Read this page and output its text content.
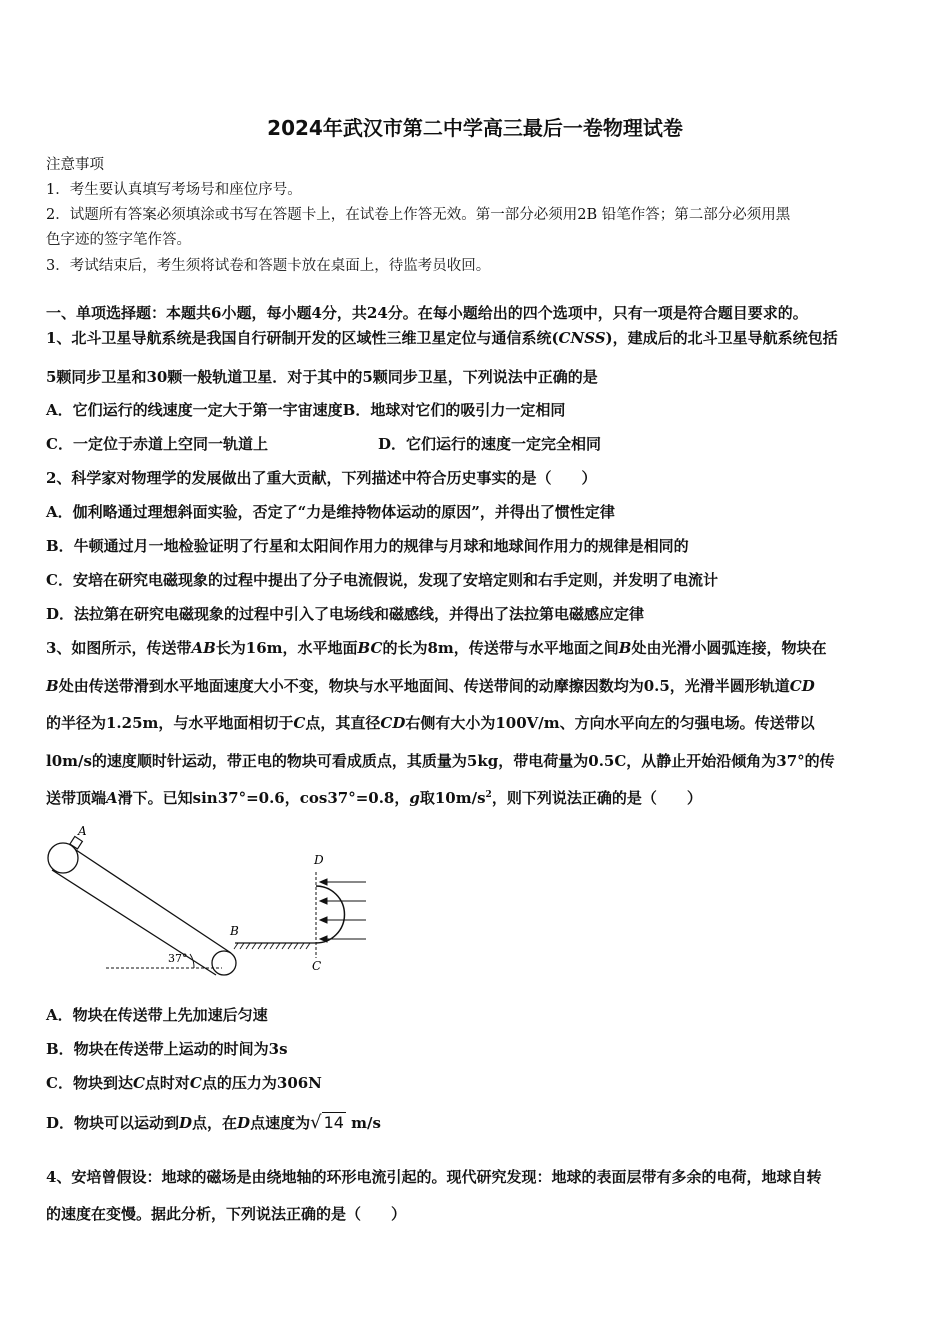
2024年武汉市第二中学高三最后一卷物理试卷
注意事项
1．考生要认真填写考场号和座位序号。
2．试题所有答案必须填涂或书写在答题卡上，在试卷上作答无效。第一部分必须用2B 铅笔作答；第二部分必须用黑
色字迹的签字笔作答。
3．考试结束后，考生须将试卷和答题卡放在桌面上，待监考员收回。
一、单项选择题：本题共6小题，每小题4分，共24分。在每小题给出的四个选项中，只有一项是符合题目要求的。
1、北斗卫星导航系统是我国自行研制开发的区域性三维卫星定位与通信系统(CNSS)，建成后的北斗卫星导航系统包括
5颗同步卫星和30颗一般轨道卫星．对于其中的5颗同步卫星，下列说法中正确的是
A．它们运行的线速度一定大于第一宇宙速度B．地球对它们的吸引力一定相同
C．一定位于赤道上空同一轨道上	D．它们运行的速度一定完全相同
2、科学家对物理学的发展做出了重大贡献，下列描述中符合历史事实的是（　　）
A．伽利略通过理想斜面实验，否定了“力是维持物体运动的原因”，并得出了惯性定律
B．牛顿通过月一地检验证明了行星和太阳间作用力的规律与月球和地球间作用力的规律是相同的
C．安培在研究电磁现象的过程中提出了分子电流假说，发现了安培定则和右手定则，并发明了电流计
D．法拉第在研究电磁现象的过程中引入了电场线和磁感线，并得出了法拉第电磁感应定律
3、如图所示，传送带AB长为16m，水平地面BC的长为8m，传送带与水平地面之间B处由光滑小圆弧连接，物块在
B处由传送带滑到水平地面速度大小不变，物块与水平地面间、传送带间的动摩擦因数均为0.5，光滑半圆形轨道CD
的半径为1.25m，与水平地面相切于C点，其直径CD右侧有大小为100V/m、方向水平向左的匀强电场。传送带以
l0m/s的速度顺时针运动，带正电的物块可看成质点，其质量为5kg，带电荷量为0.5C，从静止开始沿倾角为37°的传
送带顶端A滑下。已知sin37°=0.6，cos37°=0.8，g取$10m/s^2$，则下列说法正确的是（　　）
A
37°
B
D
C
A．物块在传送带上先加速后匀速
B．物块在传送带上运动的时间为3s
C．物块到达C点时对C点的压力为306N
D．物块可以运动到D点，在D点速度为√ 14 m/s
4、安培曾假设：地球的磁场是由绕地轴的环形电流引起的。现代研究发现：地球的表面层带有多余的电荷，地球自转
的速度在变慢。据此分析，下列说法正确的是（　　）
